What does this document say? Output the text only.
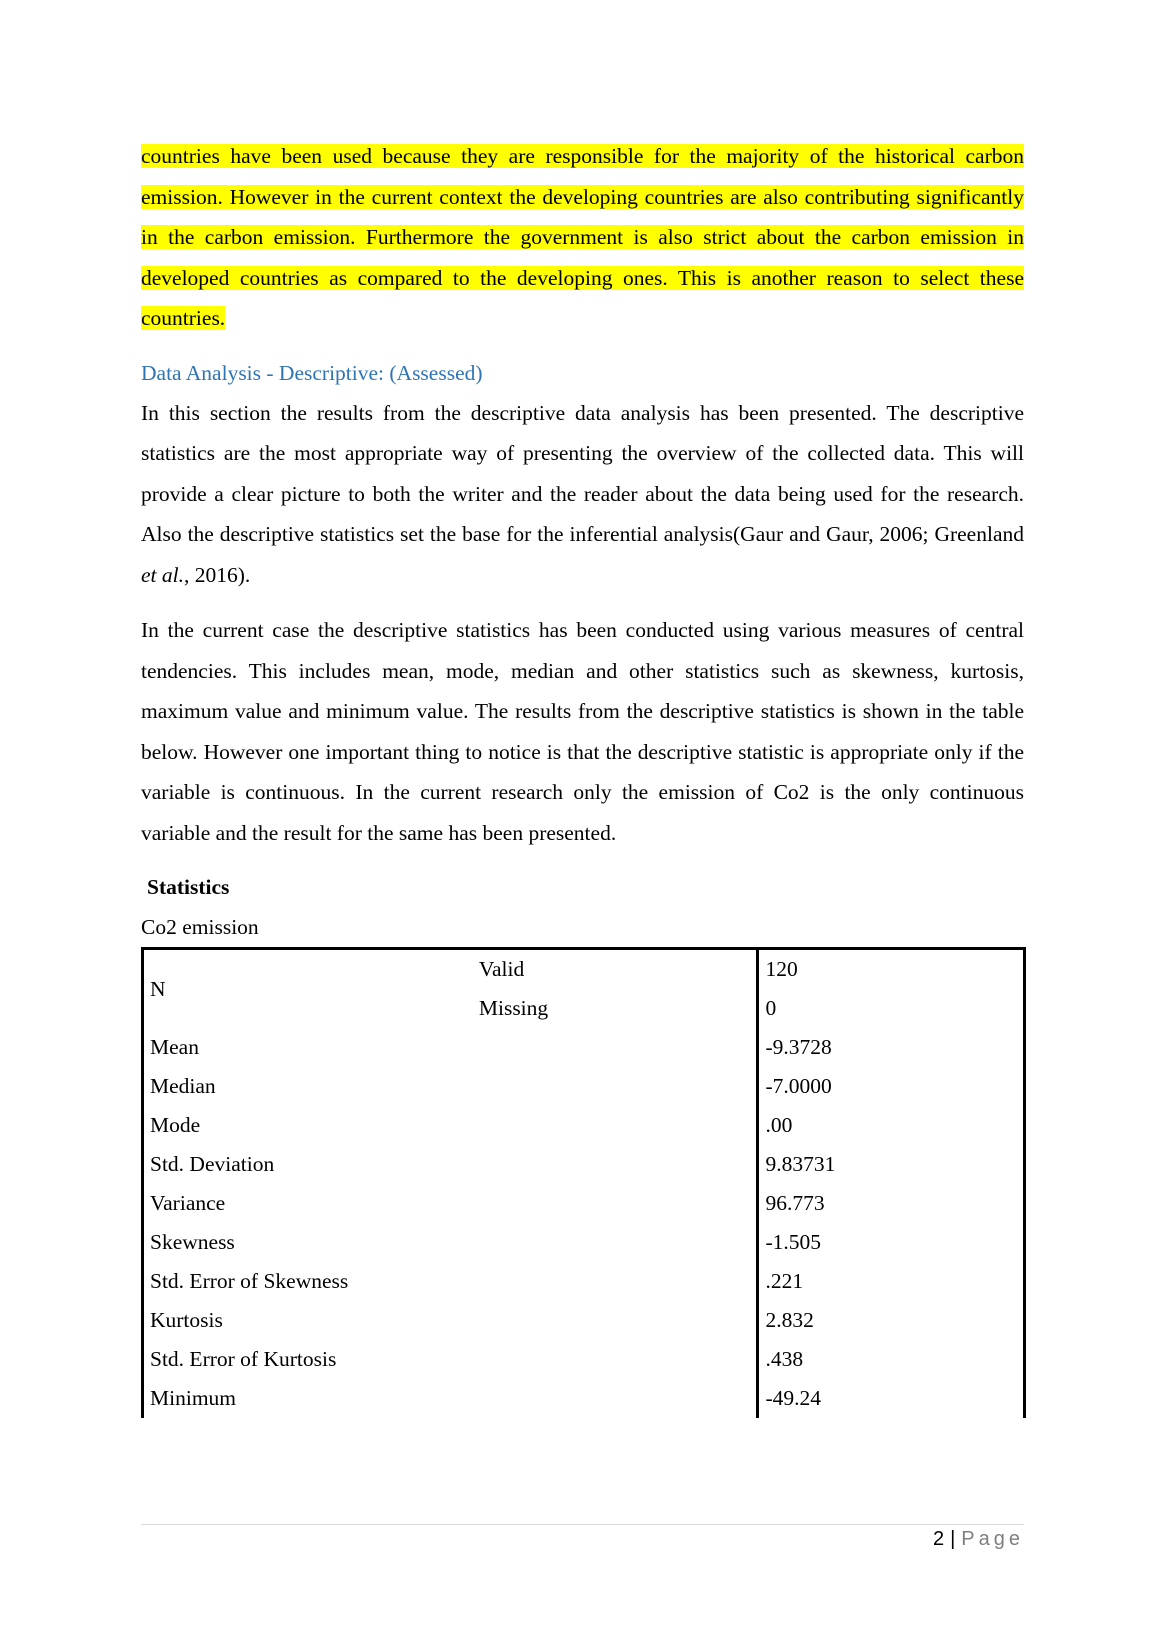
countries have been used because they are responsible for the majority of the historical carbon emission. However in the current context the developing countries are also contributing significantly in the carbon emission. Furthermore the government is also strict about the carbon emission in developed countries as compared to the developing ones. This is another reason to select these countries.

Data Analysis - Descriptive: (Assessed)

In this section the results from the descriptive data analysis has been presented. The descriptive statistics are the most appropriate way of presenting the overview of the collected data. This will provide a clear picture to both the writer and the reader about the data being used for the research. Also the descriptive statistics set the base for the inferential analysis(Gaur and Gaur, 2006; Greenland et al., 2016).

In the current case the descriptive statistics has been conducted using various measures of central tendencies. This includes mean, mode, median and other statistics such as skewness, kurtosis, maximum value and minimum value. The results from the descriptive statistics is shown in the table below. However one important thing to notice is that the descriptive statistic is appropriate only if the variable is continuous. In the current research only the emission of Co2 is the only continuous variable and the result for the same has been presented.

Statistics

Co2 emission

N	Valid	120
	Missing	0
Mean		-9.3728
Median		-7.0000
Mode		.00
Std. Deviation		9.83731
Variance		96.773
Skewness		-1.505
Std. Error of Skewness		.221
Kurtosis		2.832
Std. Error of Kurtosis		.438
Minimum		-49.24
2 | Page
